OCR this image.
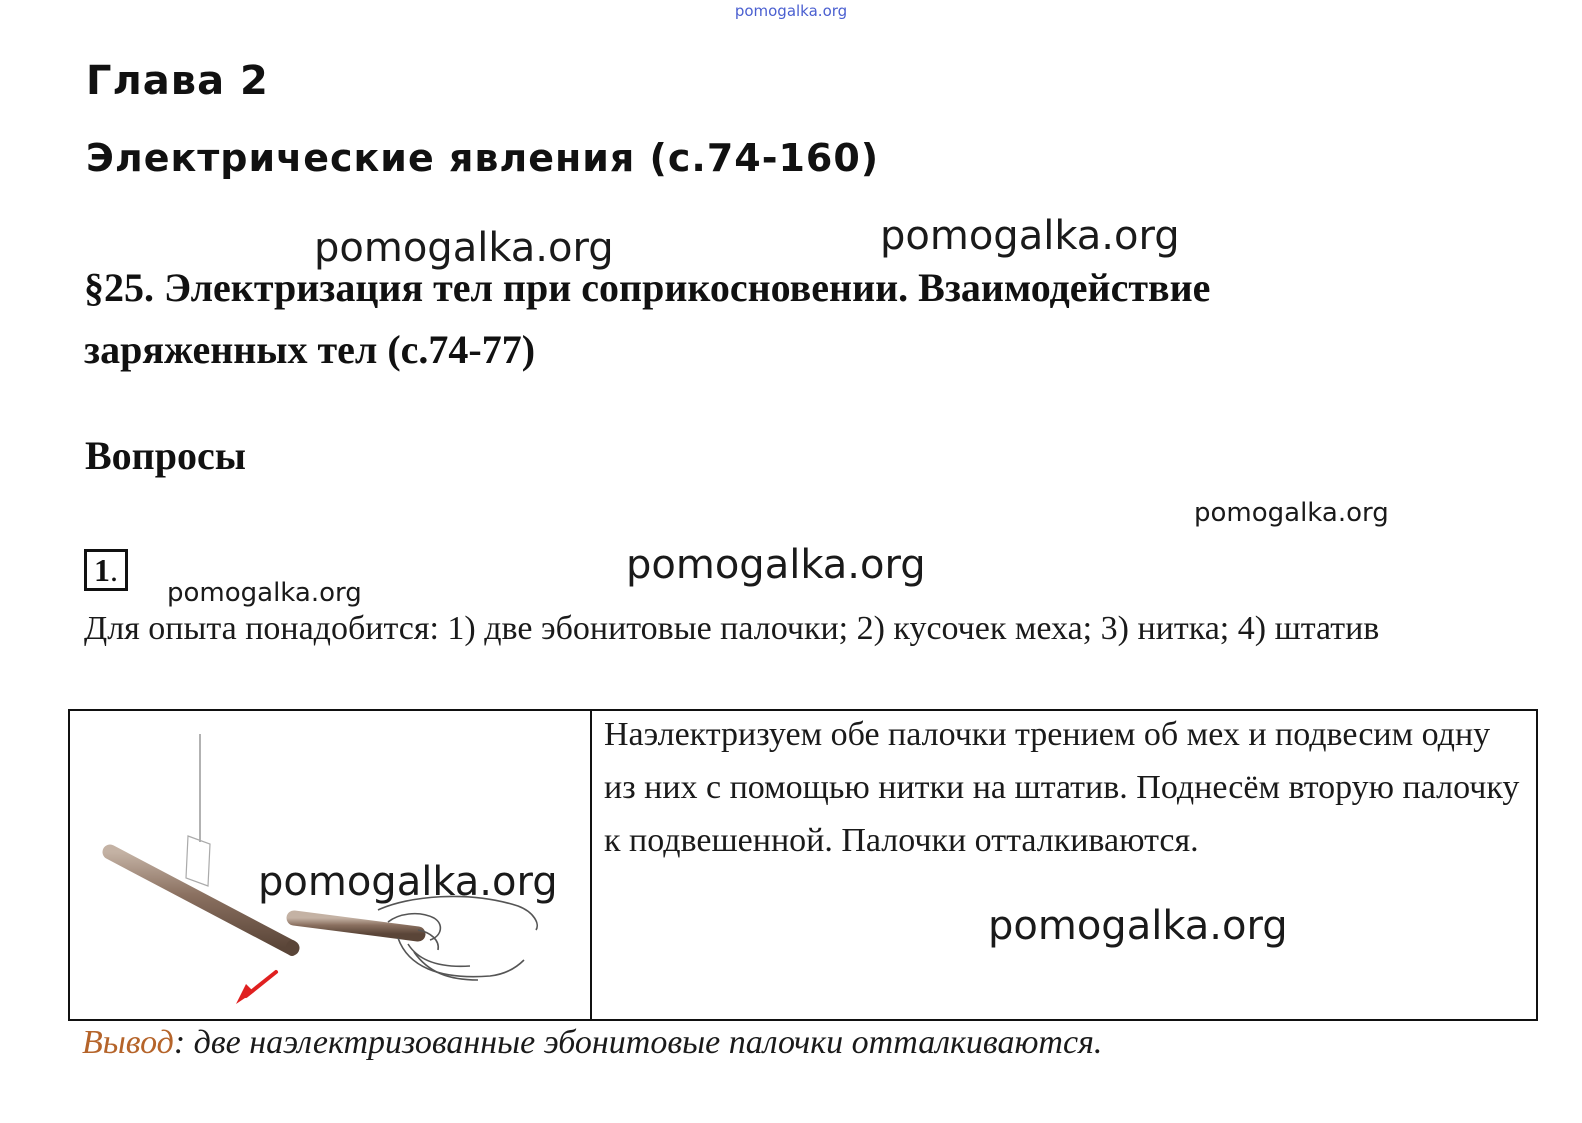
pomogalka.org
Глава 2
Электрические явления (с.74-160)
§25. Электризация тел при соприкосновении. Взаимодействие заряженных тел (с.74-77)
Вопросы
1.
Для опыта понадобится: 1) две эбонитовые палочки; 2) кусочек меха; 3) нитка; 4) штатив
Наэлектризуем обе палочки трением об мех и подвесим одну из них с помощью нитки на штатив. Поднесём вторую палочку к подвешенной. Палочки отталкиваются.
Вывод: две наэлектризованные эбонитовые палочки отталкиваются.
pomogalka.org	pomogalka.org
pomogalka.org
pomogalka.org
pomogalka.org
pomogalka.org
pomogalka.org
